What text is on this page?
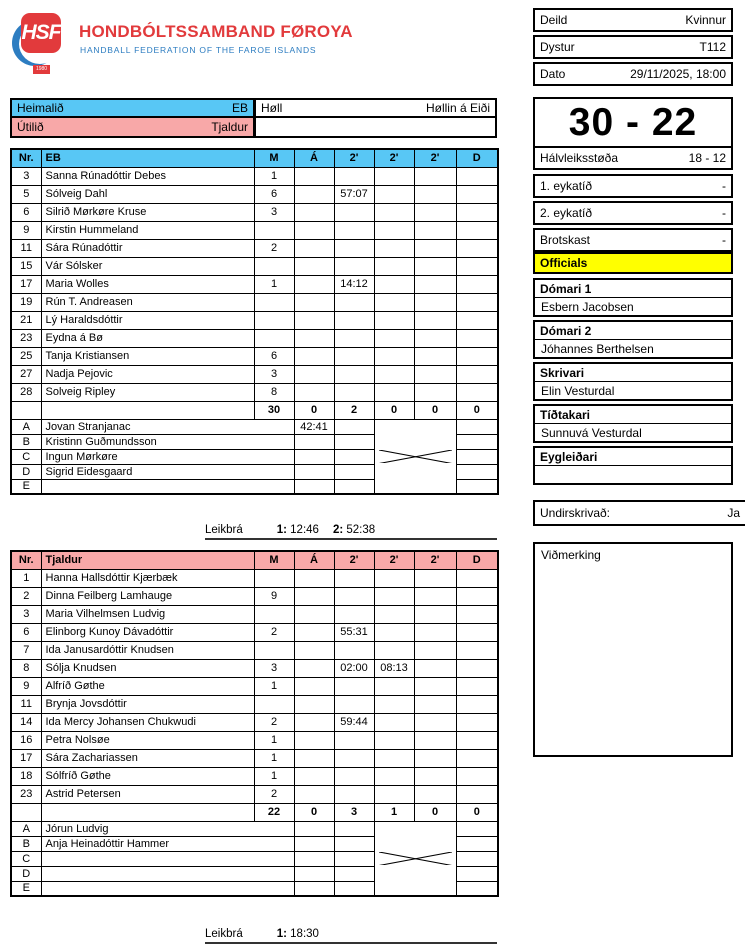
HSF
1980
HONDBÓLTSSAMBAND FØROYA
HANDBALL FEDERATION OF THE FAROE ISLANDS
Deild	Kvinnur
Dystur	T112
Dato	29/11/2025, 18:00
Heimalið	EB Høll	Høllin á Eiði
Útilið	Tjaldur
Nr.	EB	M	Á	2'	2'	2'	D
3	Sanna Rúnadóttir Debes	1					
5	Sólveig Dahl	6		57:07			
6	Silrið Mørkøre Kruse	3					
9	Kirstin Hummeland						
11	Sára Rúnadóttir	2					
15	Vár Sólsker						
17	Maria Wolles	1		14:12			
19	Rún T. Andreasen						
21	Lý Haraldsdóttir						
23	Eydna á Bø						
25	Tanja Kristiansen	6					
27	Nadja Pejovic	3					
28	Solveig Ripley	8					
		30	0	2	0	0	0
A	Jovan Stranjanac		42:41		

B	Kristinn Guðmundsson						
C	Ingun Mørkøre						
D	Sigrid Eidesgaard						
E							
Leikbrá	1: 12:46 2: 52:38
Nr.	Tjaldur	M	Á	2'	2'	2'	D
1	Hanna Hallsdóttir Kjærbæk						
2	Dinna Feilberg Lamhauge	9					
3	Maria Vilhelmsen Ludvig						
6	Elinborg Kunoy Dávadóttir	2		55:31			
7	Ida Janusardóttir Knudsen						
8	Sólja Knudsen	3		02:00	08:13		
9	Alfríð Gøthe	1					
11	Brynja Jovsdóttir						
14	Ida Mercy Johansen Chukwudi	2		59:44			
16	Petra Nolsøe	1					
17	Sára Zachariassen	1					
18	Sólfríð Gøthe	1					
23	Astrid Petersen	2					
		22	0	3	1	0	0
A	Jórun Ludvig			

B	Anja Heinadóttir Hammer						
C							
D							
E							
Leikbrá	1: 18:30
30 - 22
Hálvleiksstøða	18 - 12
1. eykatíð	-
2. eykatíð	-
Brotskast	-
Officials
Dómari 1
Esbern Jacobsen
Dómari 2
Jóhannes Berthelsen
Skrivari
Elin Vesturdal
Tíðtakari
Sunnuvá Vesturdal
Eygleiðari
Undirskrivað:	Ja
Viðmerking
